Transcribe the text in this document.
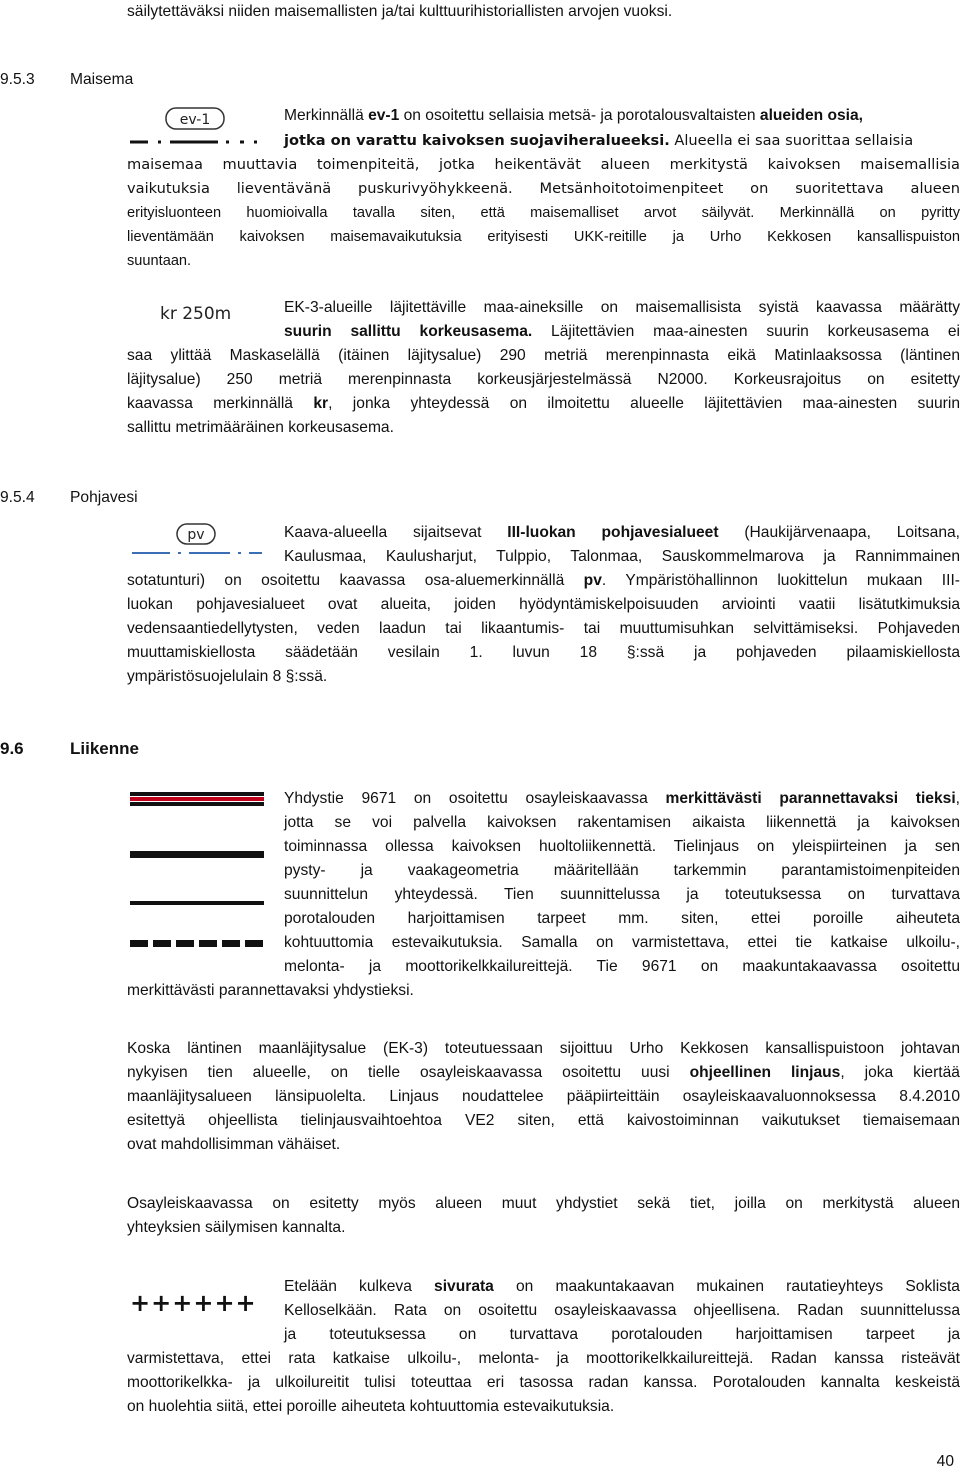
säilytettäväksi niiden maisemallisten ja/tai kulttuurihistoriallisten arvojen vuoksi.
9.5.3 Maisema
ev-1	Merkinnällä ev-1 on osoitettu sellaisia metsä- ja porotalousvaltaisten alueiden osia,
jotka on varattu kaivoksen suojaviheralueeksi. Alueella ei saa suorittaa sellaisia
maisemaa muuttavia toimenpiteitä, jotka heikentävät alueen merkitystä kaivoksen maisemallisia
vaikutuksia lieventävänä puskurivyöhykkeenä. Metsänhoitotoimenpiteet on suoritettava alueen
erityisluonteen huomioivalla tavalla siten, että maisemalliset arvot säilyvät. Merkinnällä on pyritty
lieventämään kaivoksen maisemavaikutuksia erityisesti UKK-reitille ja Urho Kekkosen kansallispuiston
suuntaan.
kr 250m	EK-3-alueille läjitettäville maa-aineksille on maisemallisista syistä kaavassa määrätty
suurin sallittu korkeusasema. Läjitettävien maa-ainesten suurin korkeusasema ei
saa ylittää Maskaselällä (itäinen läjitysalue) 290 metriä merenpinnasta eikä Matinlaaksossa (läntinen
läjitysalue) 250 metriä merenpinnasta korkeusjärjestelmässä N2000. Korkeusrajoitus on esitetty
kaavassa merkinnällä kr, jonka yhteydessä on ilmoitettu alueelle läjitettävien maa-ainesten suurin
sallittu metrimääräinen korkeusasema.
9.5.4 Pohjavesi
pv	Kaava-alueella sijaitsevat III-luokan pohjavesialueet (Haukijärvenaapa, Loitsana,
Kaulusmaa, Kaulusharjut, Tulppio, Talonmaa, Sauskommelmarova ja Rannimmainen
sotatunturi) on osoitettu kaavassa osa-aluemerkinnällä pv. Ympäristöhallinnon luokittelun mukaan III-
luokan pohjavesialueet ovat alueita, joiden hyödyntämiskelpoisuuden arviointi vaatii lisätutkimuksia
vedensaantiedellytysten, veden laadun tai likaantumis- tai muuttumisuhkan selvittämiseksi. Pohjaveden
muuttamiskiellosta säädetään vesilain 1. luvun 18 §:ssä ja pohjaveden pilaamiskiellosta
ympäristösuojelulain 8 §:ssä.
9.6	Liikenne
Yhdystie 9671 on osoitettu osayleiskaavassa merkittävästi parannettavaksi tieksi,
jotta se voi palvella kaivoksen rakentamisen aikaista liikennettä ja kaivoksen
toiminnassa ollessa kaivoksen huoltoliikennettä. Tielinjaus on yleispiirteinen ja sen
pysty- ja vaakageometria määritellään tarkemmin parantamistoimenpiteiden
suunnittelun yhteydessä. Tien suunnittelussa ja toteutuksessa on turvattava
porotalouden harjoittamisen tarpeet mm. siten, ettei poroille aiheuteta
kohtuuttomia estevaikutuksia. Samalla on varmistettava, ettei tie katkaise ulkoilu-,
melonta- ja moottorikelkkailureittejä. Tie 9671 on maakuntakaavassa osoitettu
merkittävästi parannettavaksi yhdystieksi.
Koska läntinen maanläjitysalue (EK-3) toteutuessaan sijoittuu Urho Kekkosen kansallispuistoon johtavan
nykyisen tien alueelle, on tielle osayleiskaavassa osoitettu uusi ohjeellinen linjaus, joka kiertää
maanläjitysalueen länsipuolelta. Linjaus noudattelee pääpiirteittäin osayleiskaavaluonnoksessa 8.4.2010
esitettyä ohjeellista tielinjausvaihtoehtoa VE2 siten, että kaivostoiminnan vaikutukset tiemaisemaan
ovat mahdollisimman vähäiset.
Osayleiskaavassa on esitetty myös alueen muut yhdystiet sekä tiet, joilla on merkitystä alueen
yhteyksien säilymisen kannalta.
++++++
Etelään kulkeva sivurata on maakuntakaavan mukainen rautatieyhteys Soklista
Kelloselkään. Rata on osoitettu osayleiskaavassa ohjeellisena. Radan suunnittelussa
ja toteutuksessa on turvattava porotalouden harjoittamisen tarpeet ja
varmistettava, ettei rata katkaise ulkoilu-, melonta- ja moottorikelkkailureittejä. Radan kanssa risteävät
moottorikelkka- ja ulkoilureitit tulisi toteuttaa eri tasossa radan kanssa. Porotalouden kannalta keskeistä
on huolehtia siitä, ettei poroille aiheuteta kohtuuttomia estevaikutuksia.
40
